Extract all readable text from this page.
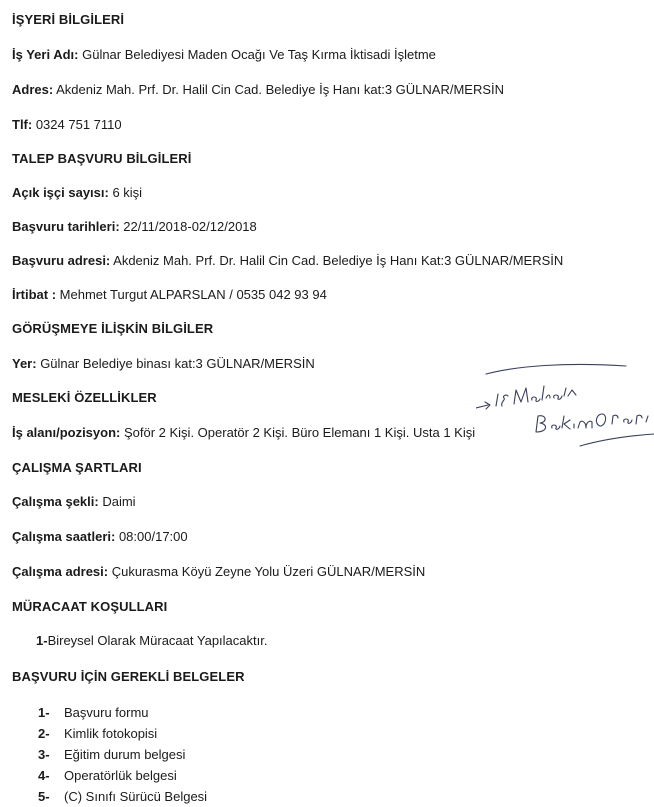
İŞYERİ BİLGİLERİ
İş Yeri Adı: Gülnar Belediyesi Maden Ocağı Ve Taş Kırma İktisadi İşletme
Adres: Akdeniz Mah. Prf. Dr. Halil Cin Cad. Belediye İş Hanı kat:3 GÜLNAR/MERSİN
Tlf: 0324 751 7110
TALEP BAŞVURU BİLGİLERİ
Açık işçi sayısı: 6 kişi
Başvuru tarihleri: 22/11/2018-02/12/2018
Başvuru adresi: Akdeniz Mah. Prf. Dr. Halil Cin Cad. Belediye İş Hanı Kat:3 GÜLNAR/MERSİN
İrtibat : Mehmet Turgut ALPARSLAN / 0535 042 93 94
GÖRÜŞMEYE İLİŞKİN BİLGİLER
Yer: Gülnar Belediye binası kat:3 GÜLNAR/MERSİN
MESLEKİ ÖZELLİKLER
İş alanı/pozisyon: Şoför 2 Kişi. Operatör 2 Kişi. Büro Elemanı 1 Kişi. Usta 1 Kişi
ÇALIŞMA ŞARTLARI
Çalışma şekli: Daimi
Çalışma saatleri: 08:00/17:00
Çalışma adresi: Çukurasma Köyü Zeyne Yolu Üzeri GÜLNAR/MERSİN
MÜRACAAT KOŞULLARI
1-Bireysel Olarak Müracaat Yapılacaktır.
BAŞVURU İÇİN GEREKLİ BELGELER
1- Başvuru formu
2- Kimlik fotokopisi
3- Eğitim durum belgesi
4- Operatörlük belgesi
5- (C) Sınıfı Sürücü Belgesi
